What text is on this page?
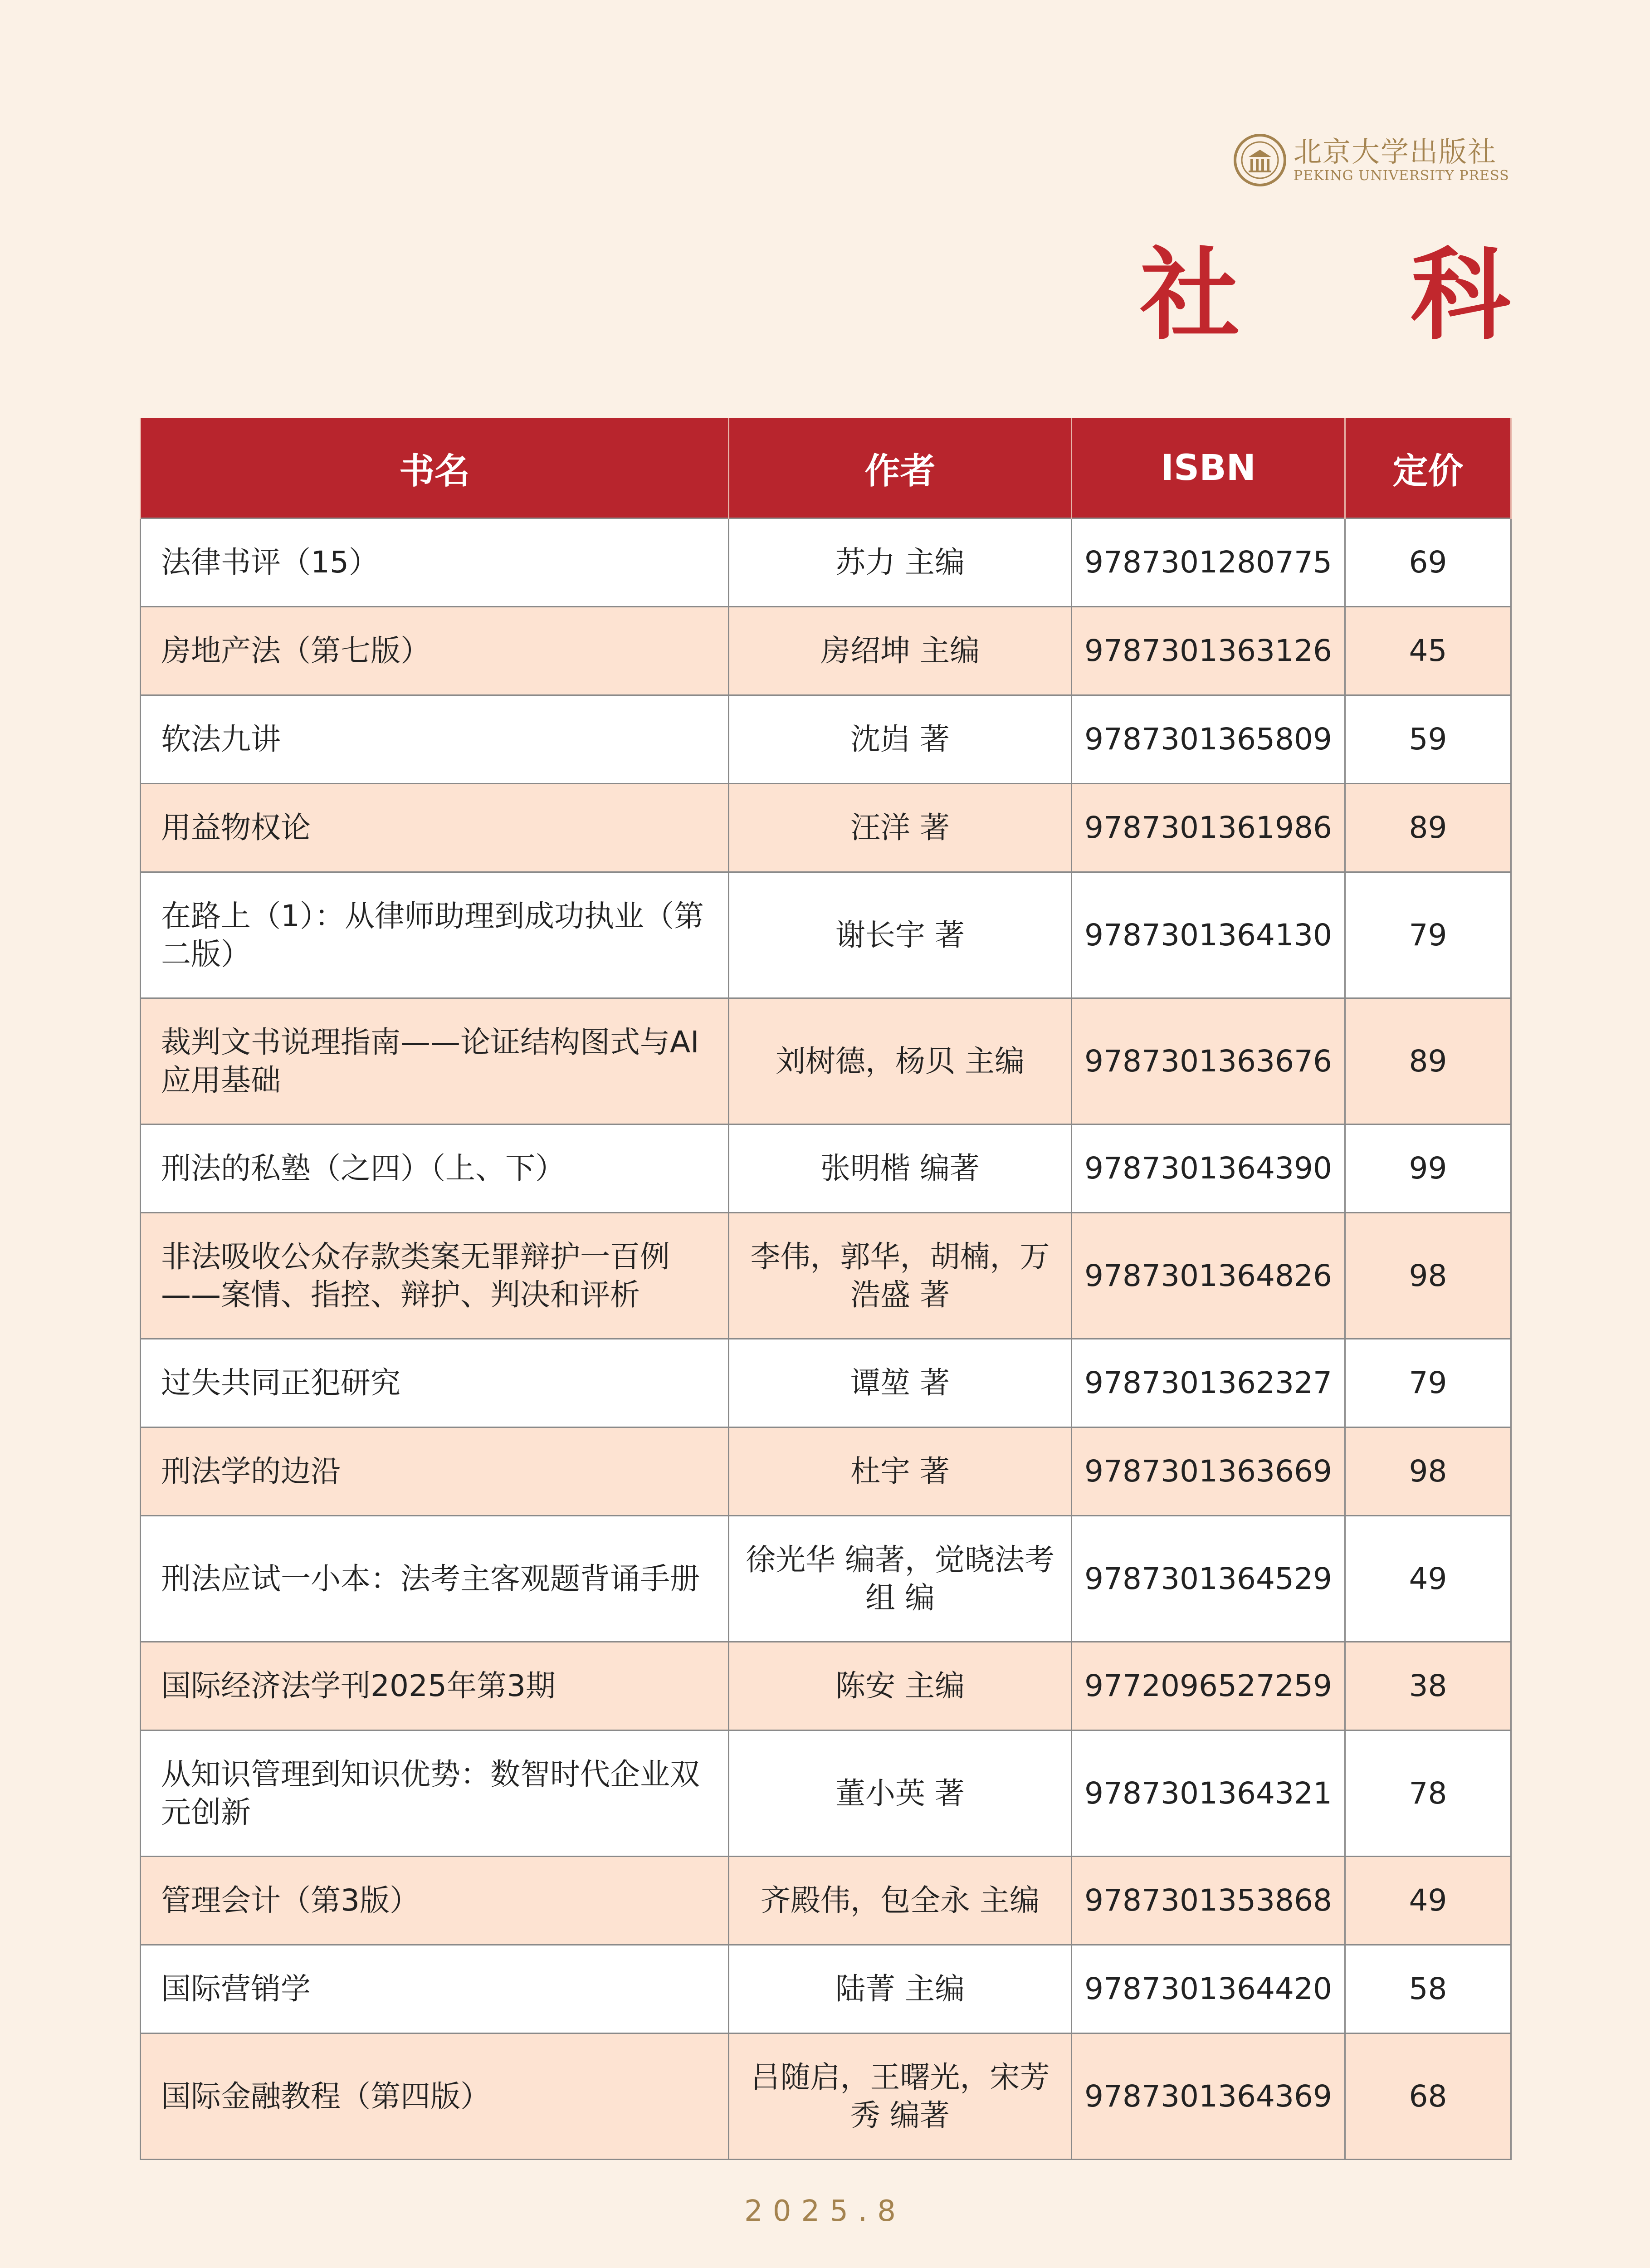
北京大学出版社
PEKING UNIVERSITY PRESS
社 科
书名	作者	ISBN	定价
法律书评（15）	苏力 主编	9787301280775	69
房地产法（第七版）	房绍坤 主编	9787301363126	45
软法九讲	沈岿 著	9787301365809	59
用益物权论	汪洋 著	9787301361986	89
在路上（1）：从律师助理到成功执业（第二版）	谢长宇 著	9787301364130	79
裁判文书说理指南——论证结构图式与AI应用基础	刘树德，杨贝 主编	9787301363676	89
刑法的私塾（之四）（上、下）	张明楷 编著	9787301364390	99
非法吸收公众存款类案无罪辩护一百例——案情、指控、辩护、判决和评析	李伟，郭华，胡楠，万浩盛 著	9787301364826	98
过失共同正犯研究	谭堃 著	9787301362327	79
刑法学的边沿	杜宇 著	9787301363669	98
刑法应试一小本：法考主客观题背诵手册	徐光华 编著，觉晓法考组 编	9787301364529	49
国际经济法学刊2025年第3期	陈安 主编	9772096527259	38
从知识管理到知识优势：数智时代企业双元创新	董小英 著	9787301364321	78
管理会计（第3版）	齐殿伟，包全永 主编	9787301353868	49
国际营销学	陆菁 主编	9787301364420	58
国际金融教程（第四版）	吕随启，王曙光，宋芳秀 编著	9787301364369	68
2025.8
